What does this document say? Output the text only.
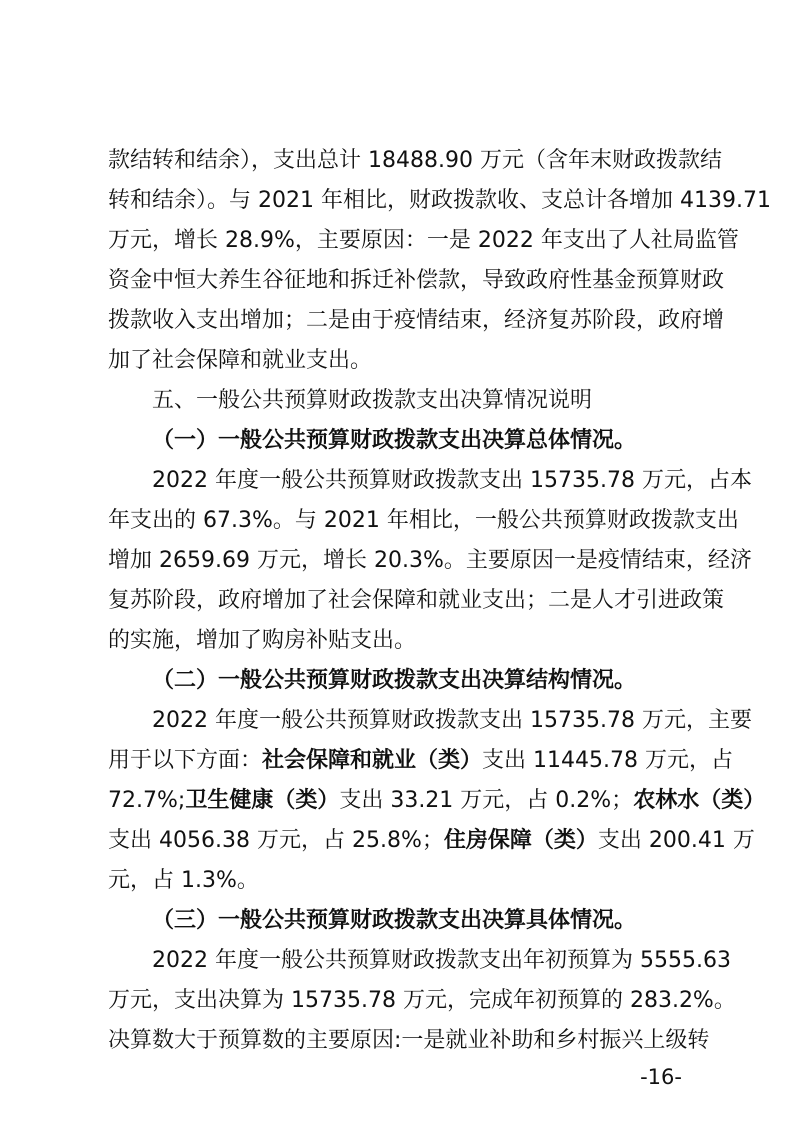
款结转和结余），支出总计 18488.90 万元（含年末财政拨款结
转和结余）。与 2021 年相比，财政拨款收、支总计各增加 4139.71
万元，增长 28.9%，主要原因：一是 2022 年支出了人社局监管
资金中恒大养生谷征地和拆迁补偿款，导致政府性基金预算财政
拨款收入支出增加；二是由于疫情结束，经济复苏阶段，政府增
加了社会保障和就业支出。
五、一般公共预算财政拨款支出决算情况说明
（一）一般公共预算财政拨款支出决算总体情况。
2022 年度一般公共预算财政拨款支出 15735.78 万元，占本
年支出的 67.3%。与 2021 年相比，一般公共预算财政拨款支出
增加 2659.69 万元，增长 20.3%。主要原因一是疫情结束，经济
复苏阶段，政府增加了社会保障和就业支出；二是人才引进政策
的实施，增加了购房补贴支出。
（二）一般公共预算财政拨款支出决算结构情况。
2022 年度一般公共预算财政拨款支出 15735.78 万元，主要
用于以下方面：社会保障和就业（类）支出 11445.78 万元，占
72.7%;卫生健康（类）支出 33.21 万元，占 0.2%；农林水（类）
支出 4056.38 万元，占 25.8%；住房保障（类）支出 200.41 万
元，占 1.3%。
（三）一般公共预算财政拨款支出决算具体情况。
2022 年度一般公共预算财政拨款支出年初预算为 5555.63
万元，支出决算为 15735.78 万元，完成年初预算的 283.2%。
决算数大于预算数的主要原因:一是就业补助和乡村振兴上级转
-16-
